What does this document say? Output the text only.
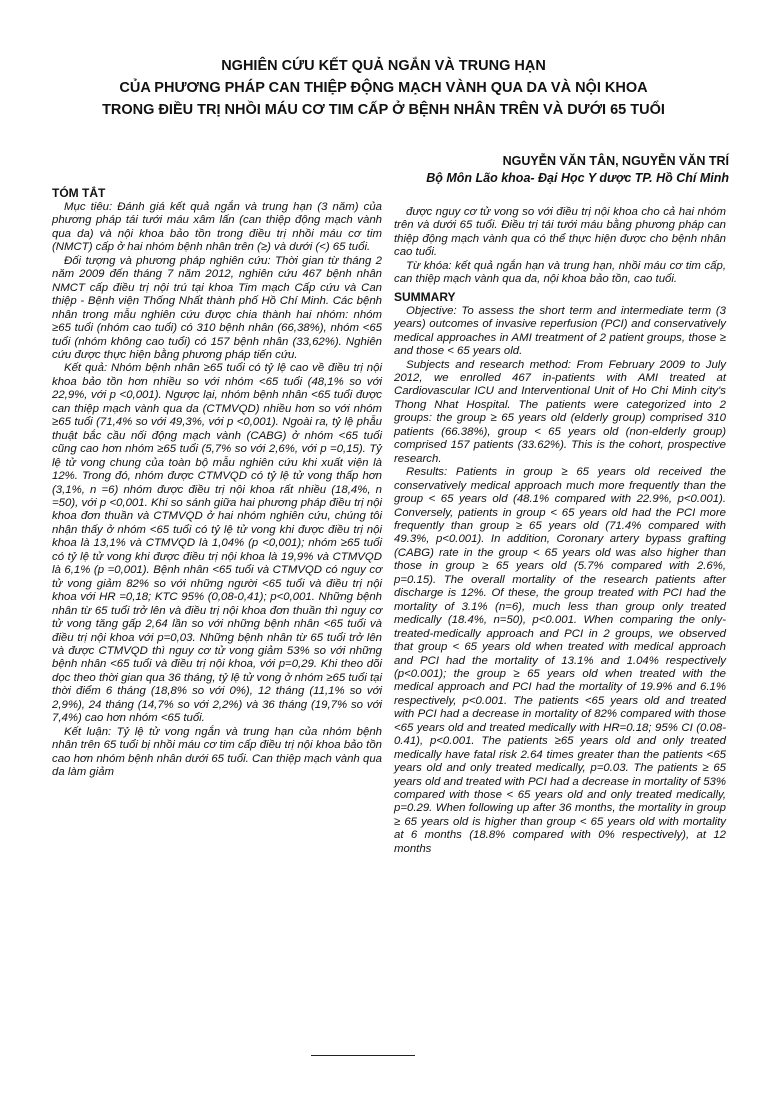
NGHIÊN CỨU KẾT QUẢ NGẮN VÀ TRUNG HẠN
CỦA PHƯƠNG PHÁP CAN THIỆP ĐỘNG MẠCH VÀNH QUA DA VÀ NỘI KHOA
TRONG ĐIỀU TRỊ NHỒI MÁU CƠ TIM CẤP Ở BỆNH NHÂN TRÊN VÀ DƯỚI 65 TUỔI
NGUYỄN VĂN TÂN, NGUYỄN VĂN TRÍ
Bộ Môn Lão khoa- Đại Học Y dược TP. Hồ Chí Minh
TÓM TẮT

Mục tiêu: Đánh giá kết quả ngắn và trung hạn (3 năm) của phương pháp tái tưới máu xâm lấn (can thiệp động mạch vành qua da) và nội khoa bảo tồn trong điều trị nhồi máu cơ tim (NMCT) cấp ở hai nhóm bệnh nhân trên (≥) và dưới (<) 65 tuổi.

Đối tượng và phương pháp nghiên cứu: Thời gian từ tháng 2 năm 2009 đến tháng 7 năm 2012, nghiên cứu 467 bệnh nhân NMCT cấp điều trị nội trú tại khoa Tim mạch Cấp cứu và Can thiệp - Bệnh viện Thống Nhất thành phố Hồ Chí Minh. Các bệnh nhân trong mẫu nghiên cứu được chia thành hai nhóm: nhóm ≥65 tuổi (nhóm cao tuổi) có 310 bệnh nhân (66,38%), nhóm <65 tuổi (nhóm không cao tuổi) có 157 bệnh nhân (33,62%). Nghiên cứu được thực hiện bằng phương pháp tiến cứu.

Kết quả: Nhóm bệnh nhân ≥65 tuổi có tỷ lệ cao về điều trị nội khoa bảo tồn hơn nhiều so với nhóm <65 tuổi (48,1% so với 22,9%, với p <0,001). Ngược lại, nhóm bệnh nhân <65 tuổi được can thiệp mạch vành qua da (CTMVQD) nhiều hơn so với nhóm ≥65 tuổi (71,4% so với 49,3%, với p <0,001). Ngoài ra, tỷ lệ phẫu thuật bắc cầu nối động mạch vành (CABG) ở nhóm <65 tuổi cũng cao hơn nhóm ≥65 tuổi (5,7% so với 2,6%, với p =0,15). Tỷ lệ tử vong chung của toàn bộ mẫu nghiên cứu khi xuất viện là 12%. Trong đó, nhóm được CTMVQD có tỷ lệ tử vong thấp hơn (3,1%, n =6) nhóm được điều trị nội khoa rất nhiều (18,4%, n =50), với p <0,001. Khi so sánh giữa hai phương pháp điều trị nội khoa đơn thuần và CTMVQD ở hai nhóm nghiên cứu, chúng tôi nhận thấy ở nhóm <65 tuổi có tỷ lệ tử vong khi được điều trị nội khoa là 13,1% và CTMVQD là 1,04% (p <0,001); nhóm ≥65 tuổi có tỷ lệ tử vong khi được điều trị nội khoa là 19,9% và CTMVQD là 6,1% (p =0,001). Bệnh nhân <65 tuổi và CTMVQD có nguy cơ tử vong giảm 82% so với những người <65 tuổi và điều trị nội khoa với HR =0,18; KTC 95% (0,08-0,41); p<0,001. Những bệnh nhân từ 65 tuổi trở lên và điều trị nội khoa đơn thuần thì nguy cơ tử vong tăng gấp 2,64 lần so với những bệnh nhân <65 tuổi và điều trị nội khoa với p=0,03. Những bệnh nhân từ 65 tuổi trở lên và được CTMVQD thì nguy cơ tử vong giảm 53% so với những bệnh nhân <65 tuổi và điều trị nội khoa, với p=0,29. Khi theo dõi dọc theo thời gian qua 36 tháng, tỷ lệ tử vong ở nhóm ≥65 tuổi tại thời điểm 6 tháng (18,8% so với 0%), 12 tháng (11,1% so với 2,9%), 24 tháng (14,7% so với 2,2%) và 36 tháng (19,7% so với 7,4%) cao hơn nhóm <65 tuổi.

Kết luận: Tỷ lệ tử vong ngắn và trung hạn của nhóm bệnh nhân trên 65 tuổi bị nhồi máu cơ tim cấp điều trị nội khoa bảo tồn cao hơn nhóm bệnh nhân dưới 65 tuổi. Can thiệp mạch vành qua da làm giảm

được nguy cơ tử vong so với điều trị nội khoa cho cả hai nhóm trên và dưới 65 tuổi. Điều trị tái tưới máu bằng phương pháp can thiệp động mạch vành qua có thể thực hiện được cho bệnh nhân cao tuổi.

Từ khóa: kết quả ngắn hạn và trung hạn, nhồi máu cơ tim cấp, can thiệp mạch vành qua da, nội khoa bảo tồn, cao tuổi.

SUMMARY

Objective: To assess the short term and intermediate term (3 years) outcomes of invasive reperfusion (PCI) and conservatively medical approaches in AMI treatment of 2 patient groups, those ≥ and those < 65 years old.

Subjects and research method: From February 2009 to July 2012, we enrolled 467 in-patients with AMI treated at Cardiovascular ICU and Interventional Unit of Ho Chi Minh city's Thong Nhat Hospital. The patients were categorized into 2 groups: the group ≥ 65 years old (elderly group) comprised 310 patients (66.38%), group < 65 years old (non-elderly group) comprised 157 patients (33.62%). This is the cohort, prospective research.

Results: Patients in group ≥ 65 years old received the conservatively medical approach much more frequently than the group < 65 years old (48.1% compared with 22.9%, p<0.001). Conversely, patients in group < 65 years old had the PCI more frequently than group ≥ 65 years old (71.4% compared with 49.3%, p<0.001). In addition, Coronary artery bypass grafting (CABG) rate in the group < 65 years old was also higher than those in group ≥ 65 years old (5.7% compared with 2.6%, p=0.15). The overall mortality of the research patients after discharge is 12%. Of these, the group treated with PCI had the mortality of 3.1% (n=6), much less than group only treated medically (18.4%, n=50), p<0.001. When comparing the only-treated-medically approach and PCI in 2 groups, we observed that group < 65 years old when treated with medical approach and PCI had the mortality of 13.1% and 1.04% respectively (p<0.001); the group ≥ 65 years old when treated with the medical approach and PCI had the mortality of 19.9% and 6.1% respectively, p<0.001. The patients <65 years old and treated with PCI had a decrease in mortality of 82% compared with those <65 years old and treated medically with HR=0.18; 95% CI (0.08-0.41), p<0.001. The patients ≥65 years old and only treated medically have fatal risk 2.64 times greater than the patients <65 years old and only treated medically, p=0.03. The patients ≥ 65 years old and treated with PCI had a decrease in mortality of 53% compared with those < 65 years old and only treated medically, p=0.29. When following up after 36 months, the mortality in group ≥ 65 years old is higher than group < 65 years old with mortality at 6 months (18.8% compared with 0% respectively), at 12 months
